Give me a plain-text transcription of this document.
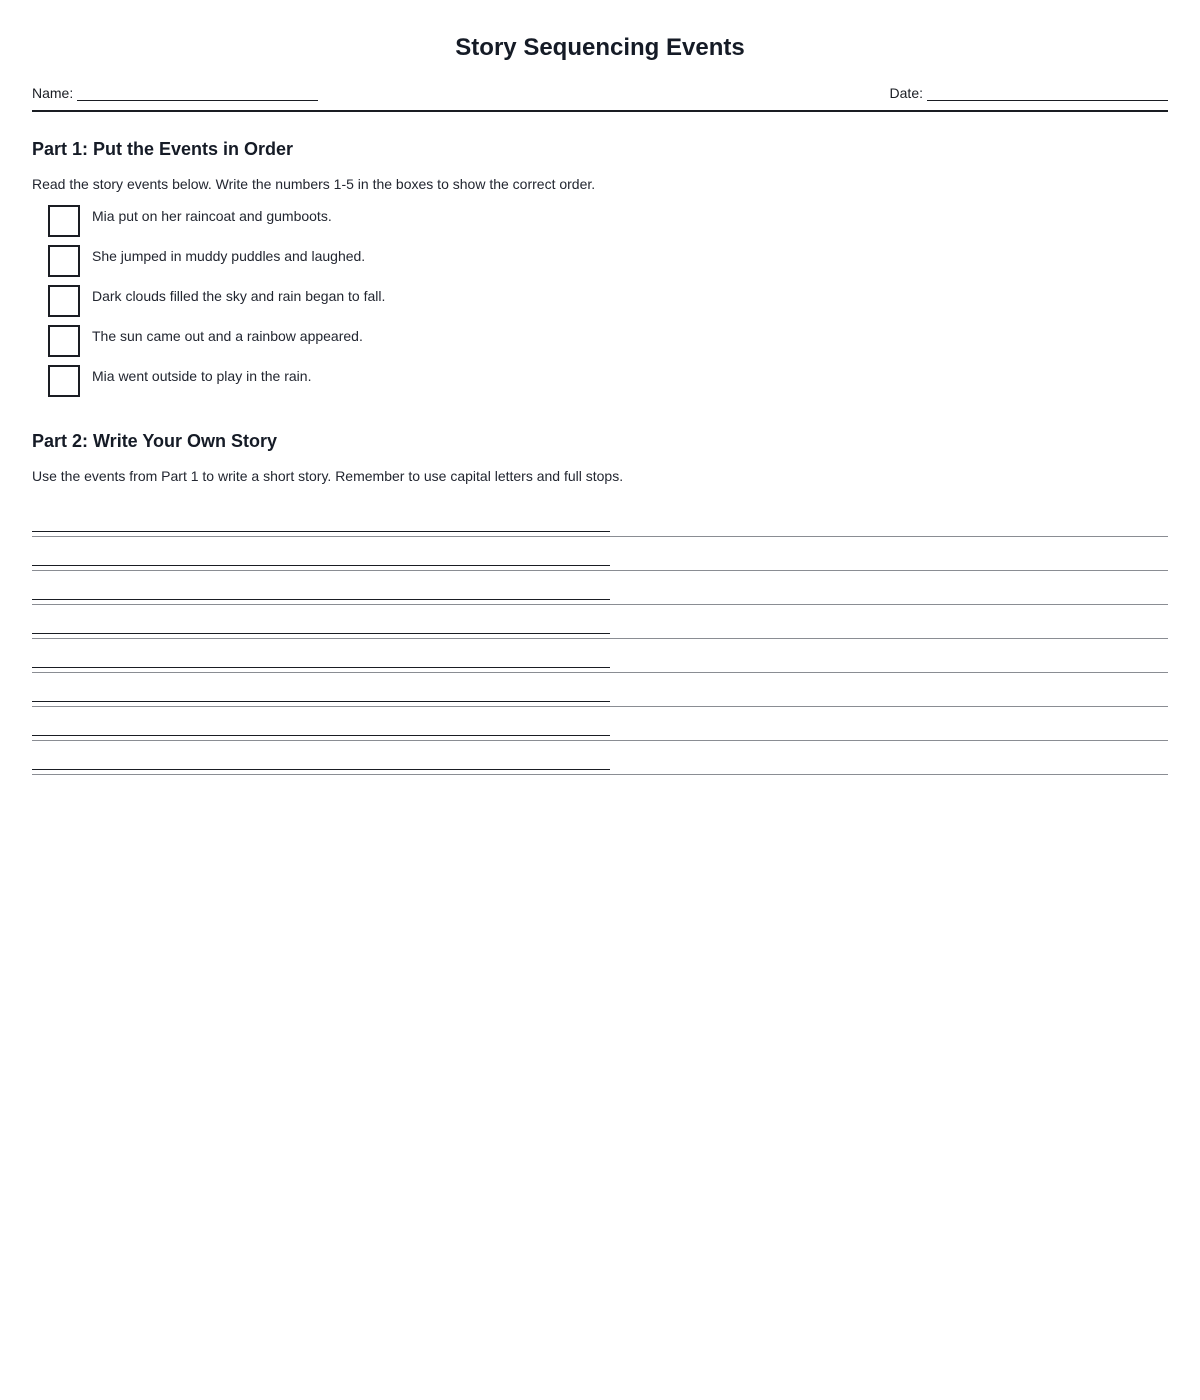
Story Sequencing Events
Name:	Date:
Part 1: Put the Events in Order

Read the story events below. Write the numbers 1-5 in the boxes to show the correct order.

Mia put on her raincoat and gumboots.
She jumped in muddy puddles and laughed.
Dark clouds filled the sky and rain began to fall.
The sun came out and a rainbow appeared.
Mia went outside to play in the rain.
Part 2: Write Your Own Story

Use the events from Part 1 to write a short story. Remember to use capital letters and full stops.
